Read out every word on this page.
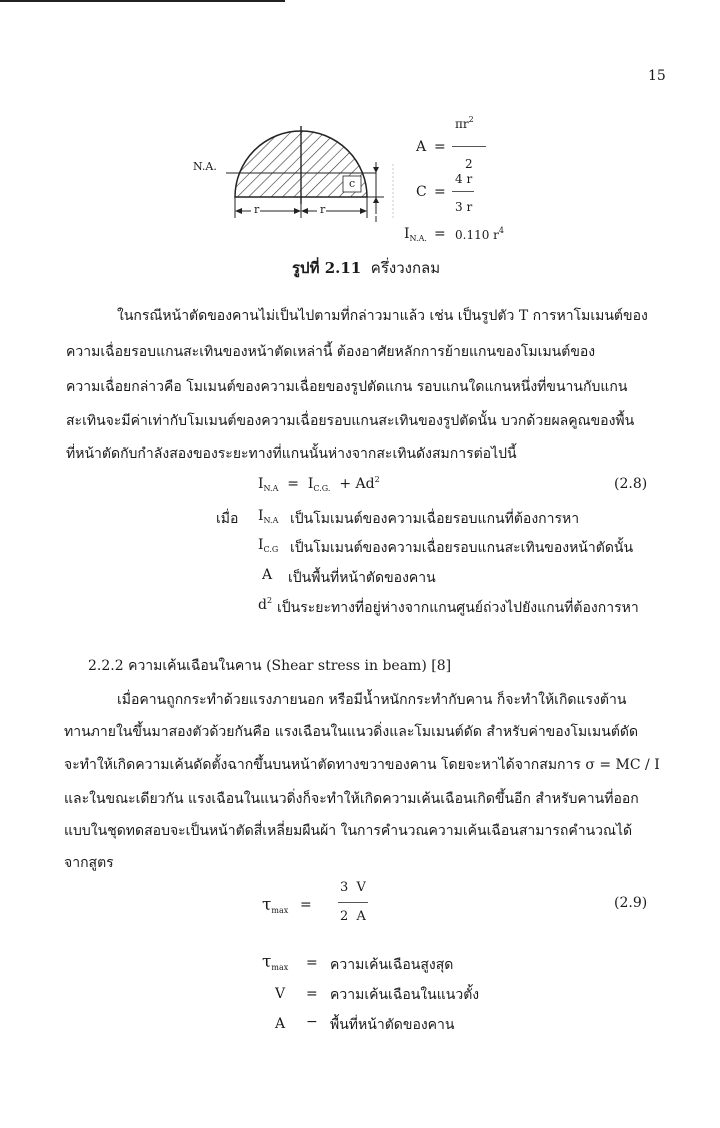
15
N.A.
c
r	r
A =
$\pi r^2$
2
C =
4 r
3 r
$I_{N.A.} = 0.110$ $r^4$
รูปที่ 2.11 ครึ่งวงกลม
ในกรณีหน้าตัดของคานไม่เป็นไปตามที่กล่าวมาแล้ว เช่น เป็นรูปตัว T การหาโมเมนต์ของ
ความเฉื่อยรอบแกนสะเทินของหน้าตัดเหล่านี้ ต้องอาศัยหลักการย้ายแกนของโมเมนต์ของ
ความเฉื่อยกล่าวคือ โมเมนต์ของความเฉื่อยของรูปตัดแกน รอบแกนใดแกนหนึ่งที่ขนานกับแกน
สะเทินจะมีค่าเท่ากับโมเมนต์ของความเฉื่อยรอบแกนสะเทินของรูปตัดนั้น บวกด้วยผลคูณของพื้น
ที่หน้าตัดกับกำลังสองของระยะทางที่แกนนั้นห่างจากสะเทินดังสมการต่อไปนี้
$I_{N.A} = I_{C.G.} + Ad^2$	(2.8)
เมื่อ $I_{N.A}$ เป็นโมเมนต์ของความเฉื่อยรอบแกนที่ต้องการหา
$I_{C.G}$ เป็นโมเมนต์ของความเฉื่อยรอบแกนสะเทินของหน้าตัดนั้น
A เป็นพื้นที่หน้าตัดของคาน
$d^2$ เป็นระยะทางที่อยู่ห่างจากแกนศูนย์ถ่วงไปยังแกนที่ต้องการหา
2.2.2 ความเค้นเฉือนในคาน (Shear stress in beam) [8]
เมื่อคานถูกกระทำด้วยแรงภายนอก หรือมีน้ำหนักกระทำกับคาน ก็จะทำให้เกิดแรงต้าน
ทานภายในขึ้นมาสองตัวด้วยกันคือ แรงเฉือนในแนวดิ่งและโมเมนต์ดัด สำหรับค่าของโมเมนต์ดัด
จะทำให้เกิดความเค้นดัดตั้งฉากขึ้นบนหน้าตัดทางขวาของคาน โดยจะหาได้จากสมการ σ = MC / I
และในขณะเดียวกัน แรงเฉือนในแนวดิ่งก็จะทำให้เกิดความเค้นเฉือนเกิดขึ้นอีก สำหรับคานที่ออก
แบบในชุดทดสอบจะเป็นหน้าตัดสี่เหลี่ยมผืนผ้า ในการคำนวณความเค้นเฉือนสามารถคำนวณได้
จากสูตร
$\tau_{max}$ =
3  V
2  A
(2.9)
$\tau_{max}$ = ความเค้นเฉือนสูงสุด
V = ความเค้นเฉือนในแนวตั้ง
A − พื้นที่หน้าตัดของคาน
